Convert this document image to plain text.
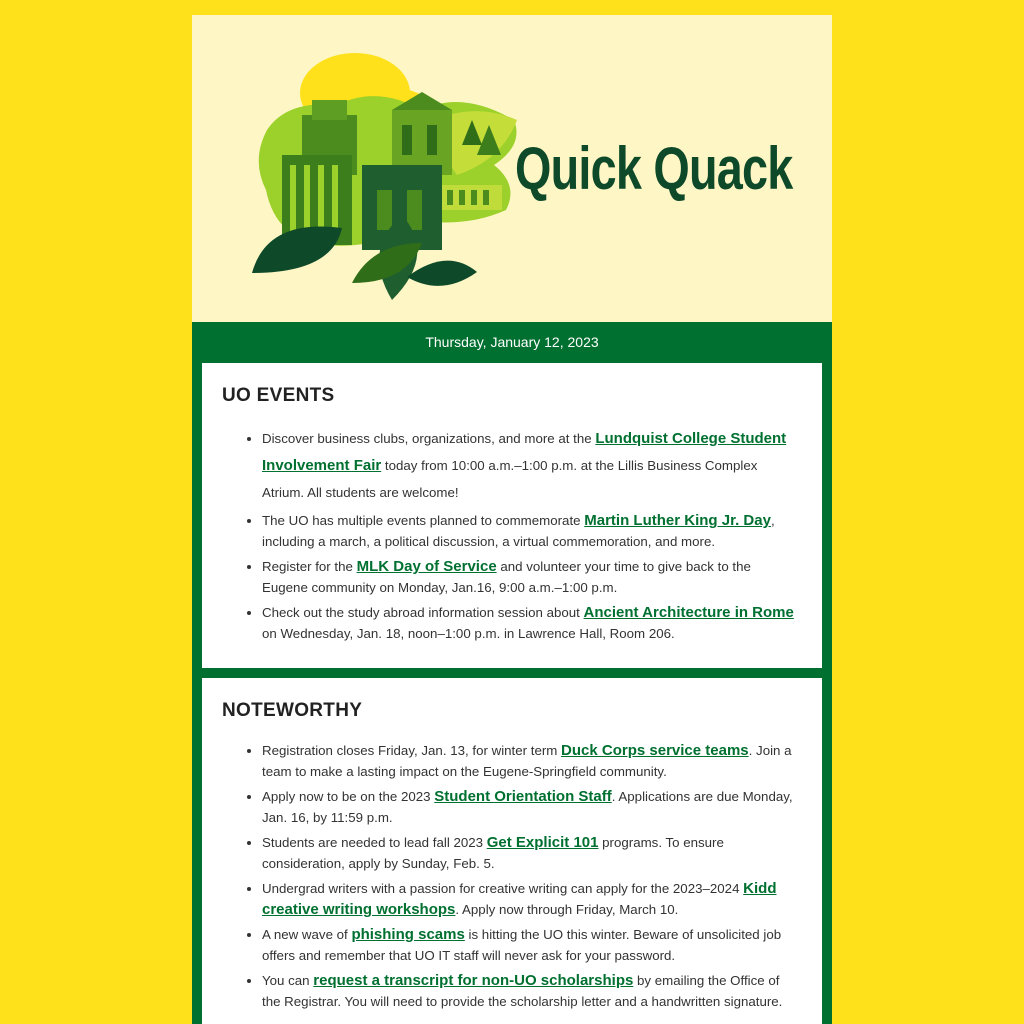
Quick Quack
Thursday, January 12, 2023
UO EVENTS
• Discover business clubs, organizations, and more at the Lundquist College Student Involvement Fair today from 10:00 a.m.–1:00 p.m. at the Lillis Business Complex Atrium. All students are welcome!
• The UO has multiple events planned to commemorate Martin Luther King Jr. Day, including a march, a political discussion, a virtual commemoration, and more.
• Register for the MLK Day of Service and volunteer your time to give back to the Eugene community on Monday, Jan.16, 9:00 a.m.–1:00 p.m.
• Check out the study abroad information session about Ancient Architecture in Rome on Wednesday, Jan. 18, noon–1:00 p.m. in Lawrence Hall, Room 206.
NOTEWORTHY
• Registration closes Friday, Jan. 13, for winter term Duck Corps service teams. Join a team to make a lasting impact on the Eugene-Springfield community.
• Apply now to be on the 2023 Student Orientation Staff. Applications are due Monday, Jan. 16, by 11:59 p.m.
• Students are needed to lead fall 2023 Get Explicit 101 programs. To ensure consideration, apply by Sunday, Feb. 5.
• Undergrad writers with a passion for creative writing can apply for the 2023–2024 Kidd creative writing workshops. Apply now through Friday, March 10.
• A new wave of phishing scams is hitting the UO this winter. Beware of unsolicited job offers and remember that UO IT staff will never ask for your password.
• You can request a transcript for non-UO scholarships by emailing the Office of the Registrar. You will need to provide the scholarship letter and a handwritten signature.
